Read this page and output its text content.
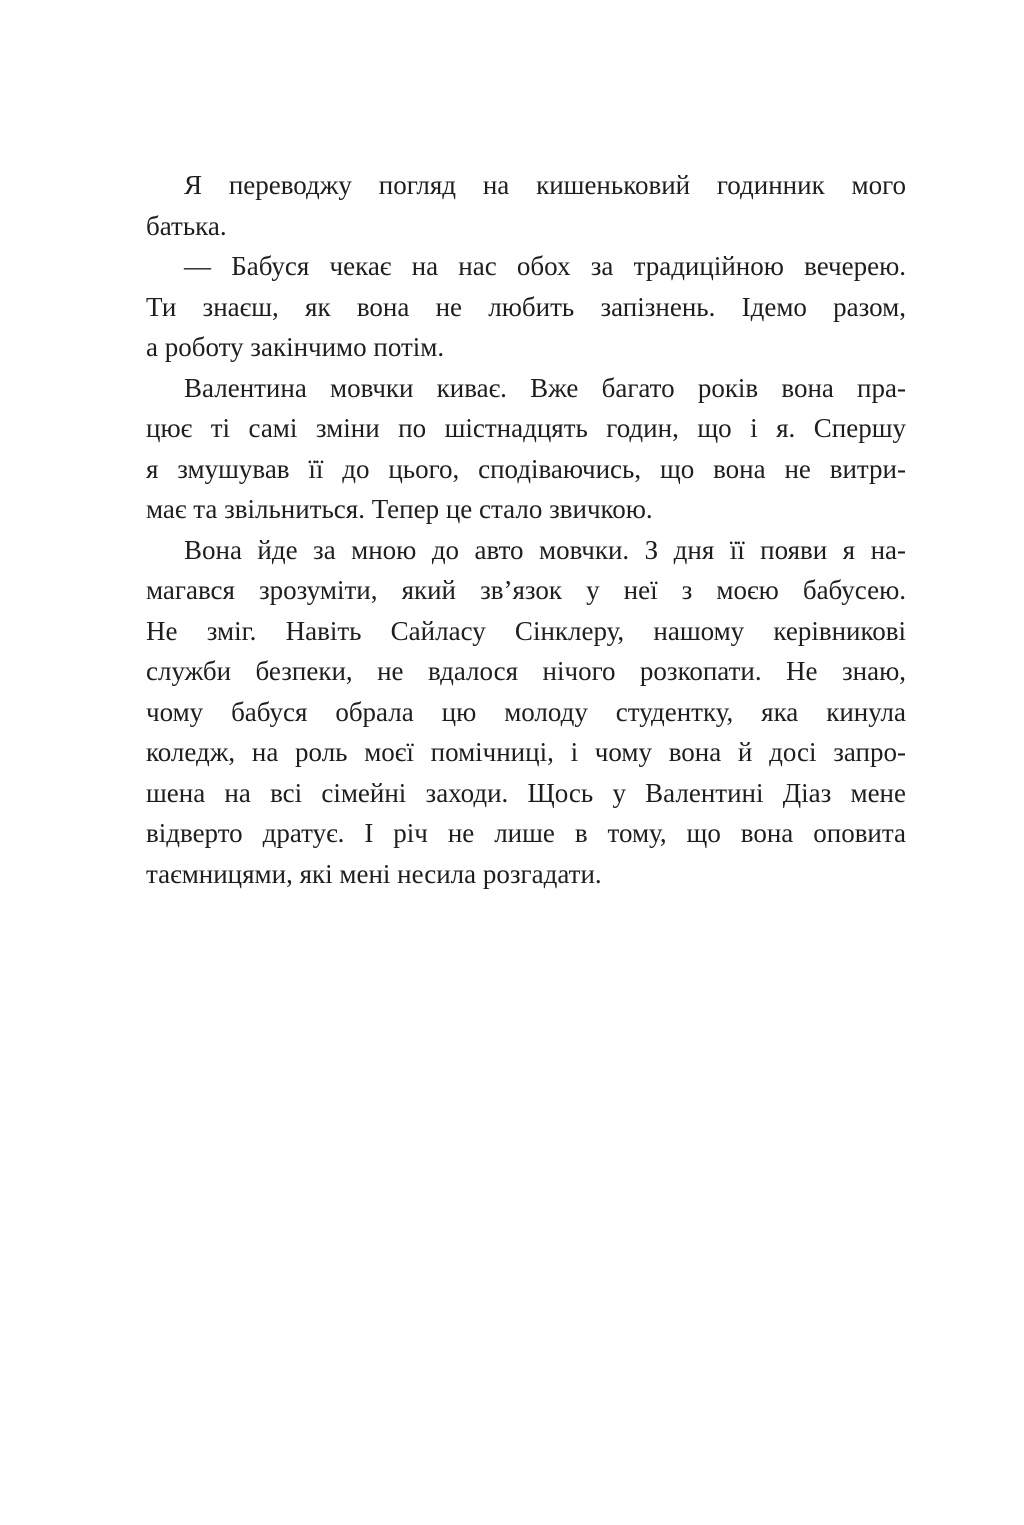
Я переводжу погляд на кишеньковий годинник мого
батька.
— Бабуся чекає на нас обох за традиційною вечерею.
Ти знаєш, як вона не любить запізнень. Ідемо разом,
а роботу закінчимо потім.
Валентина мовчки киває. Вже багато років вона пра-
цює ті самі зміни по шістнадцять годин, що і я. Спершу
я змушував її до цього, сподіваючись, що вона не витри-
має та звільниться. Тепер це стало звичкою.
Вона йде за мною до авто мовчки. З дня її появи я на-
магався зрозуміти, який зв’язок у неї з моєю бабусею.
Не зміг. Навіть Сайласу Сінклеру, нашому керівникові
служби безпеки, не вдалося нічого розкопати. Не знаю,
чому бабуся обрала цю молоду студентку, яка кинула
коледж, на роль моєї помічниці, і чому вона й досі запро-
шена на всі сімейні заходи. Щось у Валентині Діаз мене
відверто дратує. І річ не лише в тому, що вона оповита
таємницями, які мені несила розгадати.
